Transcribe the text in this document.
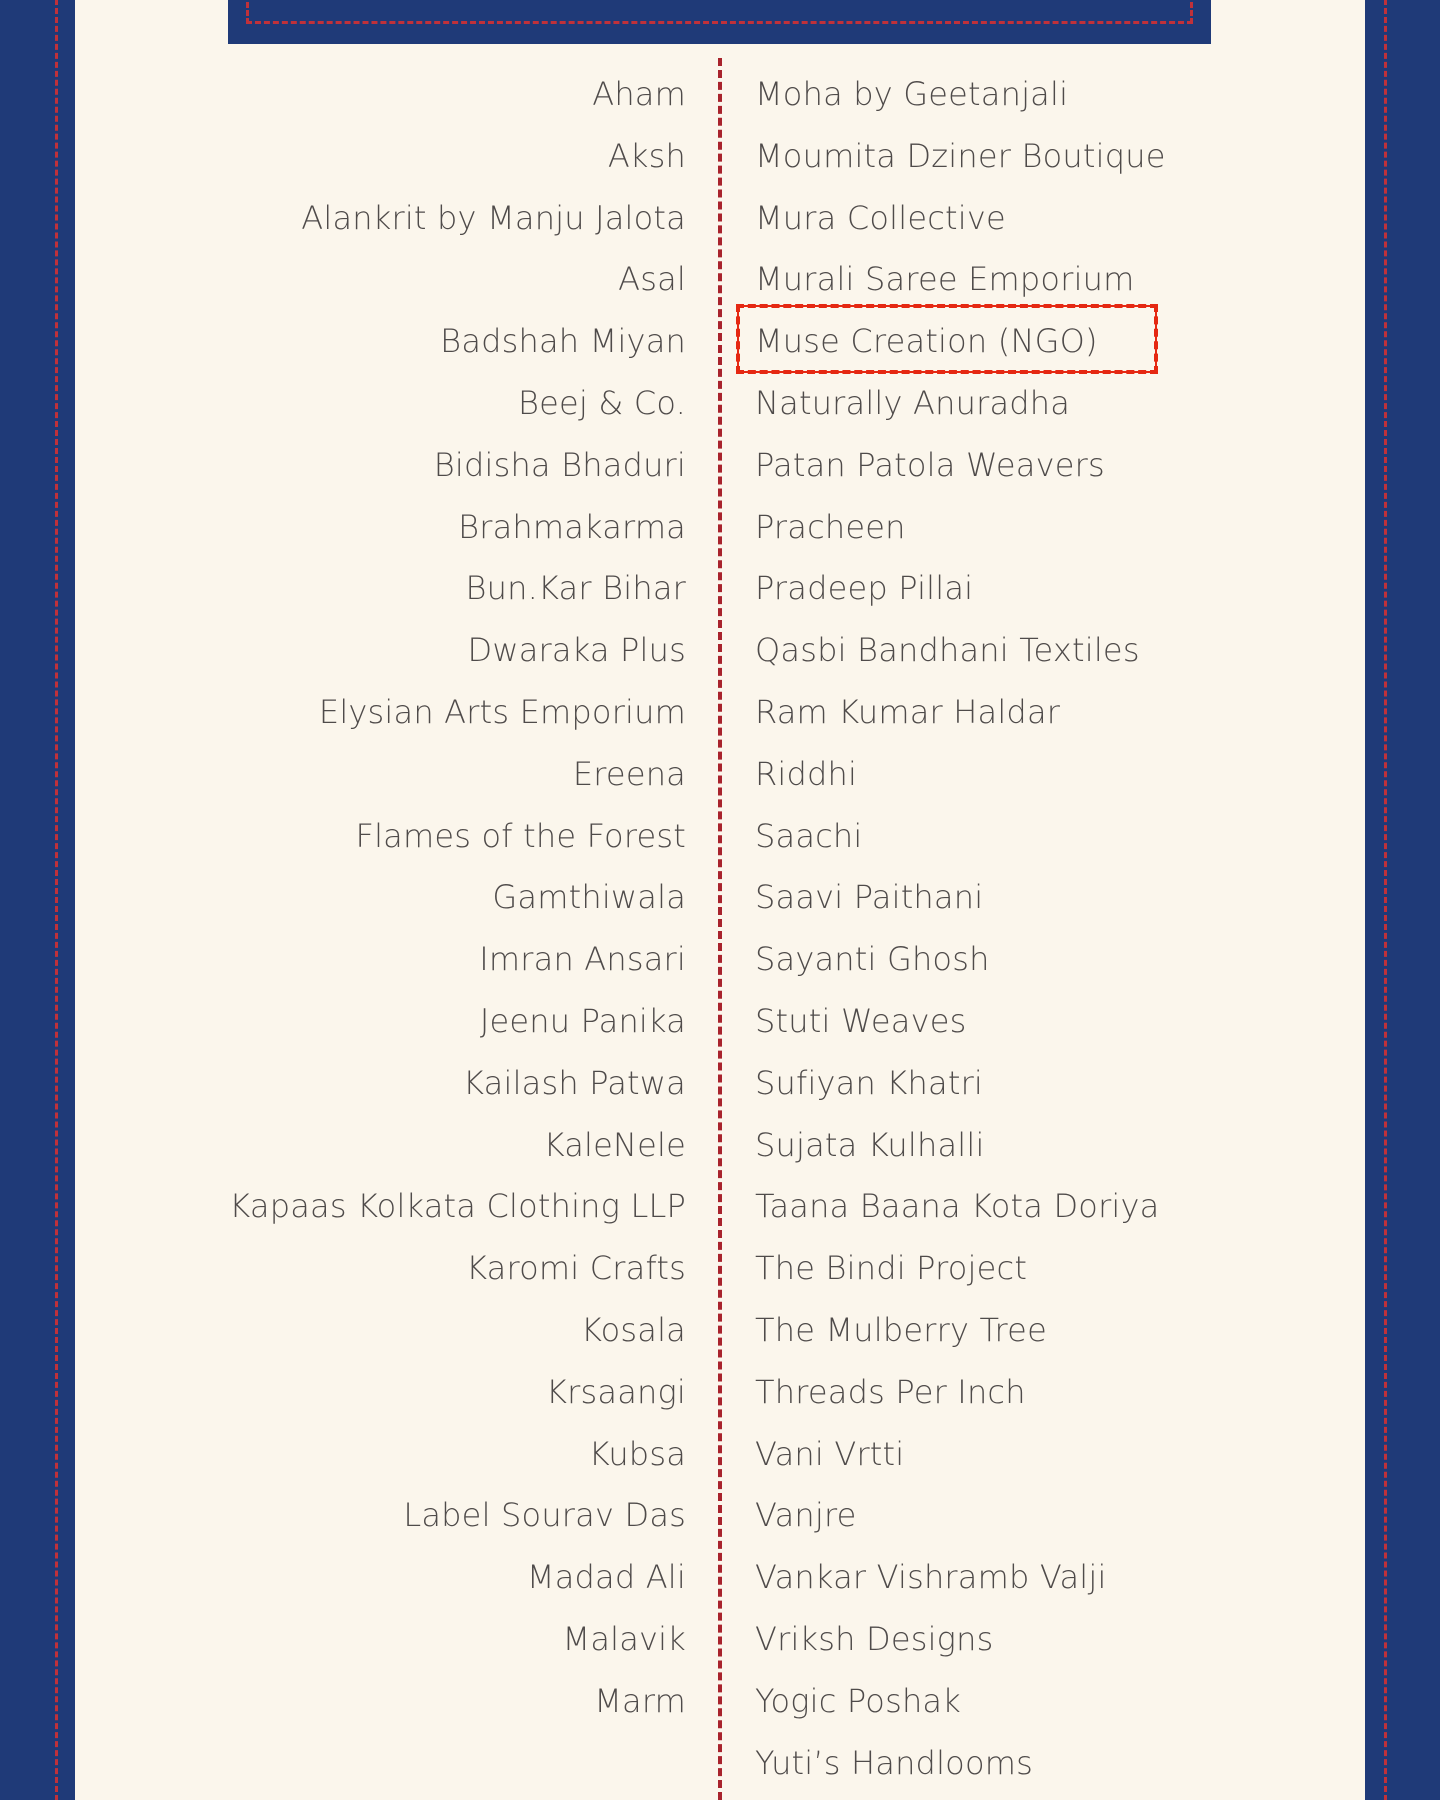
Aham
Aksh
Alankrit by Manju Jalota
Asal
Badshah Miyan
Beej & Co.
Bidisha Bhaduri
Brahmakarma
Bun.Kar Bihar
Dwaraka Plus
Elysian Arts Emporium
Ereena
Flames of the Forest
Gamthiwala
Imran Ansari
Jeenu Panika
Kailash Patwa
KaleNele
Kapaas Kolkata Clothing LLP
Karomi Crafts
Kosala
Krsaangi
Kubsa
Label Sourav Das
Madad Ali
Malavik
Marm
Moha by Geetanjali
Moumita Dziner Boutique
Mura Collective
Murali Saree Emporium
Muse Creation (NGO)
Naturally Anuradha
Patan Patola Weavers
Pracheen
Pradeep Pillai
Qasbi Bandhani Textiles
Ram Kumar Haldar
Riddhi
Saachi
Saavi Paithani
Sayanti Ghosh
Stuti Weaves
Sufiyan Khatri
Sujata Kulhalli
Taana Baana Kota Doriya
The Bindi Project
The Mulberry Tree
Threads Per Inch
Vani Vrtti
Vanjre
Vankar Vishramb Valji
Vriksh Designs
Yogic Poshak
Yuti’s Handlooms
